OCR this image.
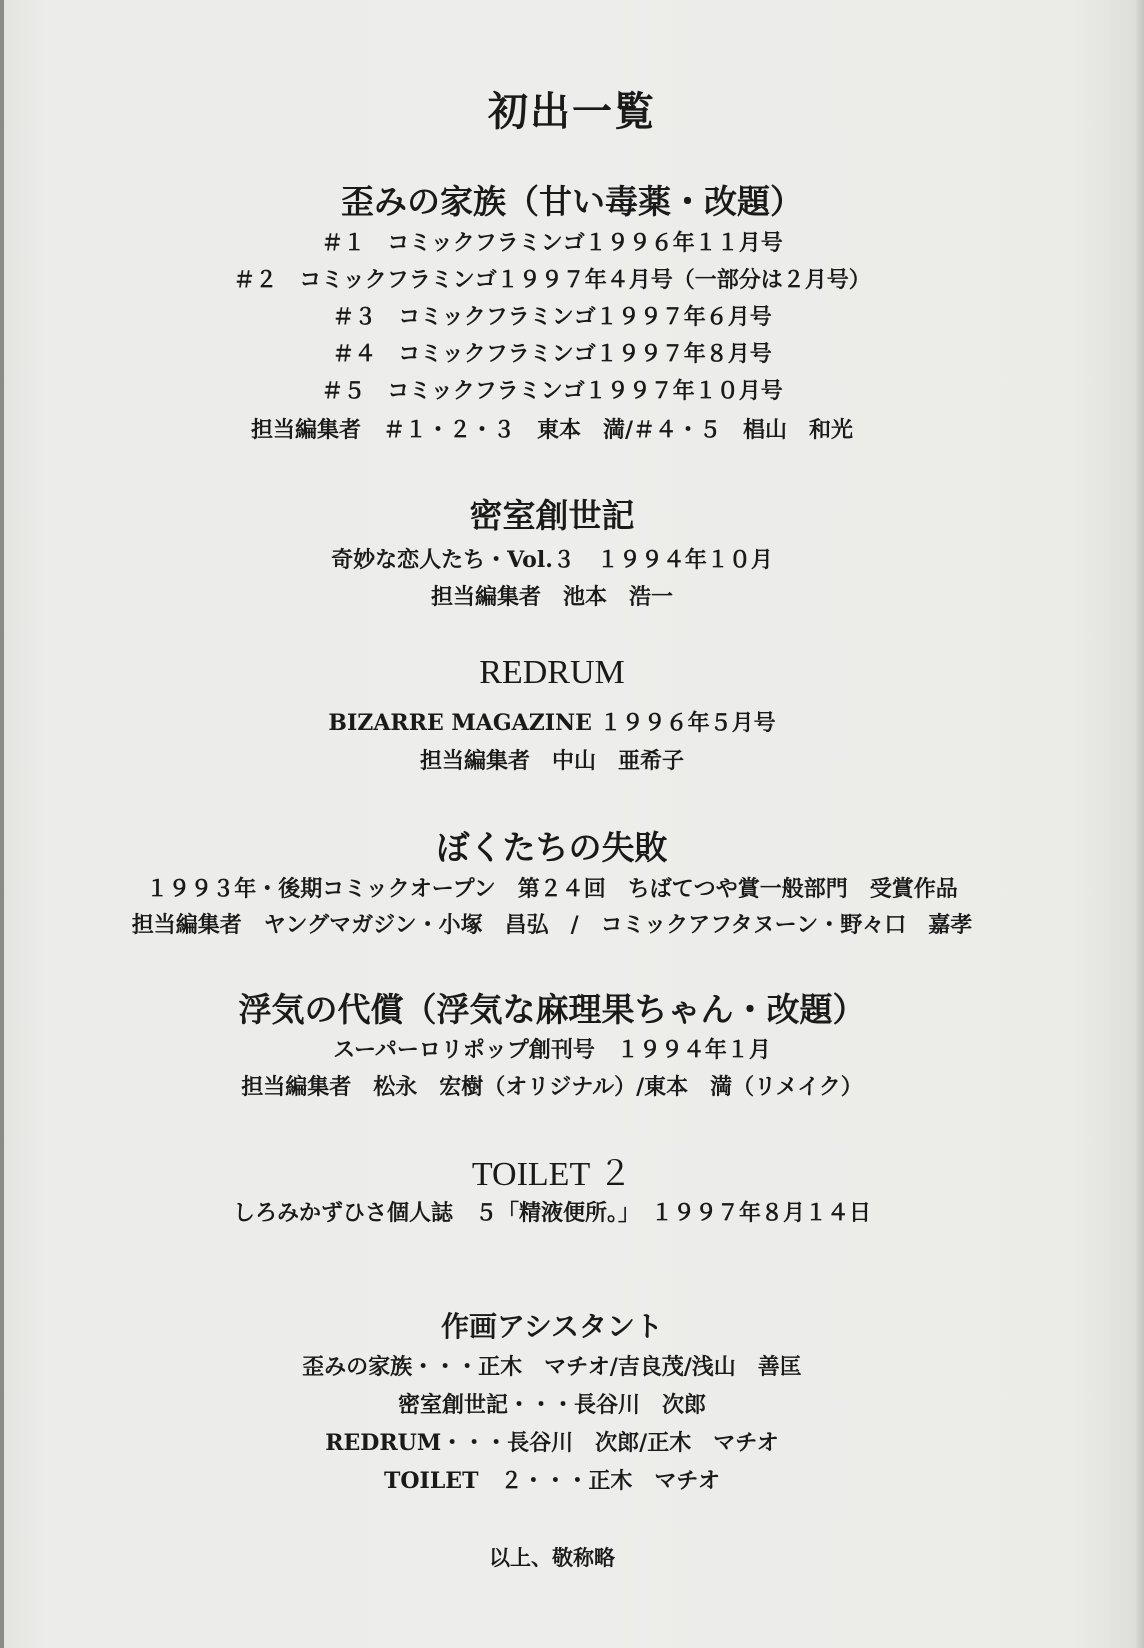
初出一覧
歪みの家族（甘い毒薬・改題）
＃１　コミックフラミンゴ１９９６年１１月号
＃２　コミックフラミンゴ１９９７年４月号（一部分は２月号）
＃３　コミックフラミンゴ１９９７年６月号
＃４　コミックフラミンゴ１９９７年８月号
＃５　コミックフラミンゴ１９９７年１０月号
担当編集者　＃１・２・３　東本　満/＃４・５　椙山　和光
密室創世記
奇妙な恋人たち・Vol.３　１９９４年１０月
担当編集者　池本　浩一
REDRUM
BIZARRE MAGAZINE １９９６年５月号
担当編集者　中山　亜希子
ぼくたちの失敗
１９９３年・後期コミックオープン　第２４回　ちばてつや賞一般部門　受賞作品
担当編集者　ヤングマガジン・小塚　昌弘　/　コミックアフタヌーン・野々口　嘉孝
浮気の代償（浮気な麻理果ちゃん・改題）
スーパーロリポップ創刊号　１９９４年１月
担当編集者　松永　宏樹（オリジナル）/東本　満（リメイク）
TOILET ２
しろみかずひさ個人誌　５「精液便所。」　１９９７年８月１４日
作画アシスタント
歪みの家族・・・正木　マチオ/吉良茂/浅山　善匡
密室創世記・・・長谷川　次郎
REDRUM・・・長谷川　次郎/正木　マチオ
TOILET　２・・・正木　マチオ
以上、敬称略
